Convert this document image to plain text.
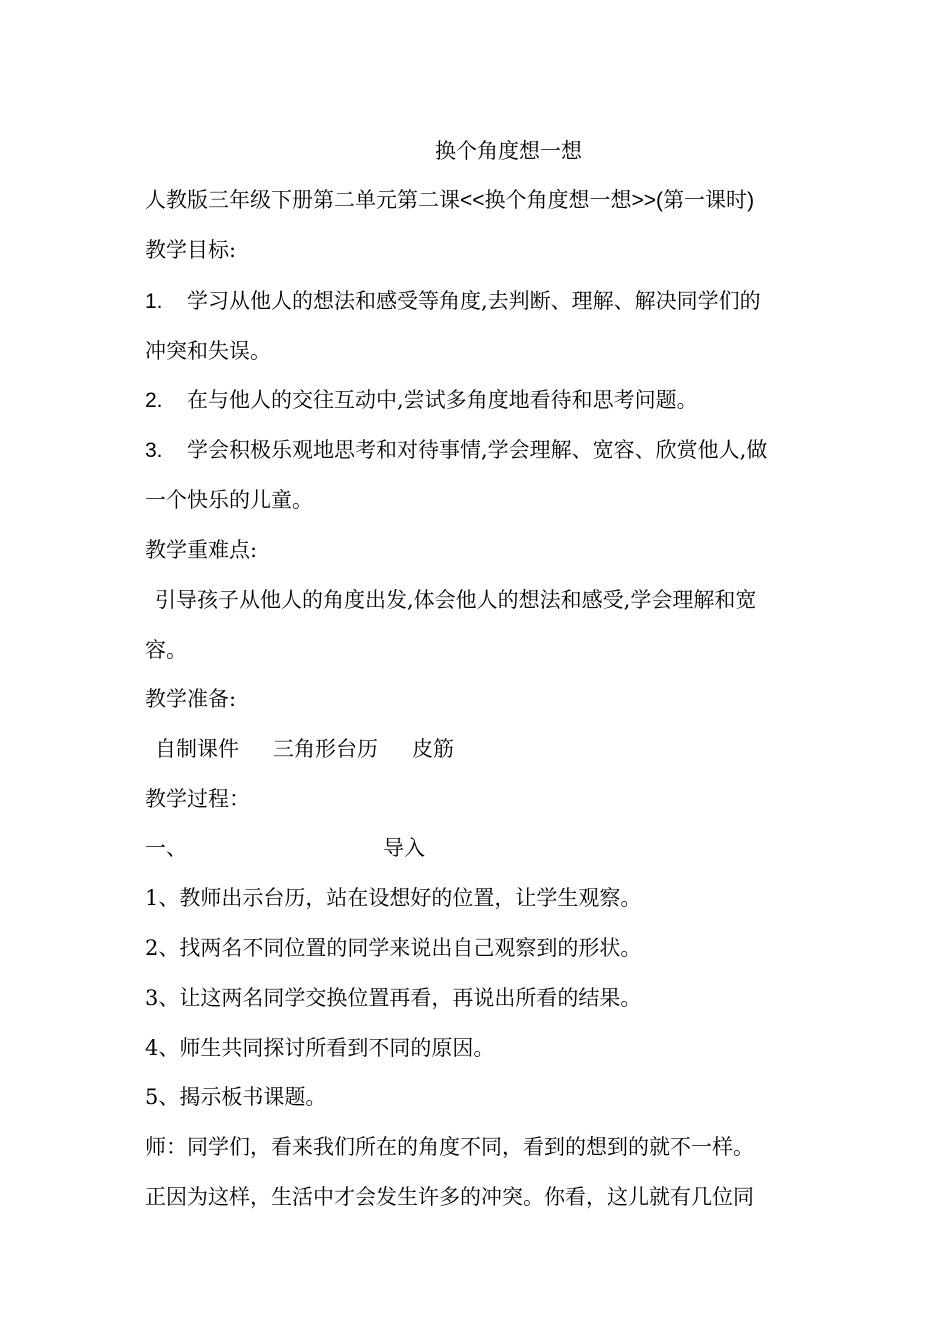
换个角度想一想
人教版三年级下册第二单元第二课<<换个角度想一想>>(第一课时)
教学目标:
1. 学习从他人的想法和感受等角度,去判断、理解、解决同学们的
冲突和失误。
2. 在与他人的交往互动中,尝试多角度地看待和思考问题。
3. 学会积极乐观地思考和对待事情,学会理解、宽容、欣赏他人,做
一个快乐的儿童。
教学重难点:
引导孩子从他人的角度出发,体会他人的想法和感受,学会理解和宽
容。
教学准备:
自制课件 三角形台历 皮筋
教学过程：
一、	导入
1、教师出示台历，站在设想好的位置，让学生观察。
2、找两名不同位置的同学来说出自己观察到的形状。
3、让这两名同学交换位置再看，再说出所看的结果。
4、师生共同探讨所看到不同的原因。
5、揭示板书课题。
师：同学们，看来我们所在的角度不同，看到的想到的就不一样。
正因为这样，生活中才会发生许多的冲突。你看，这儿就有几位同
